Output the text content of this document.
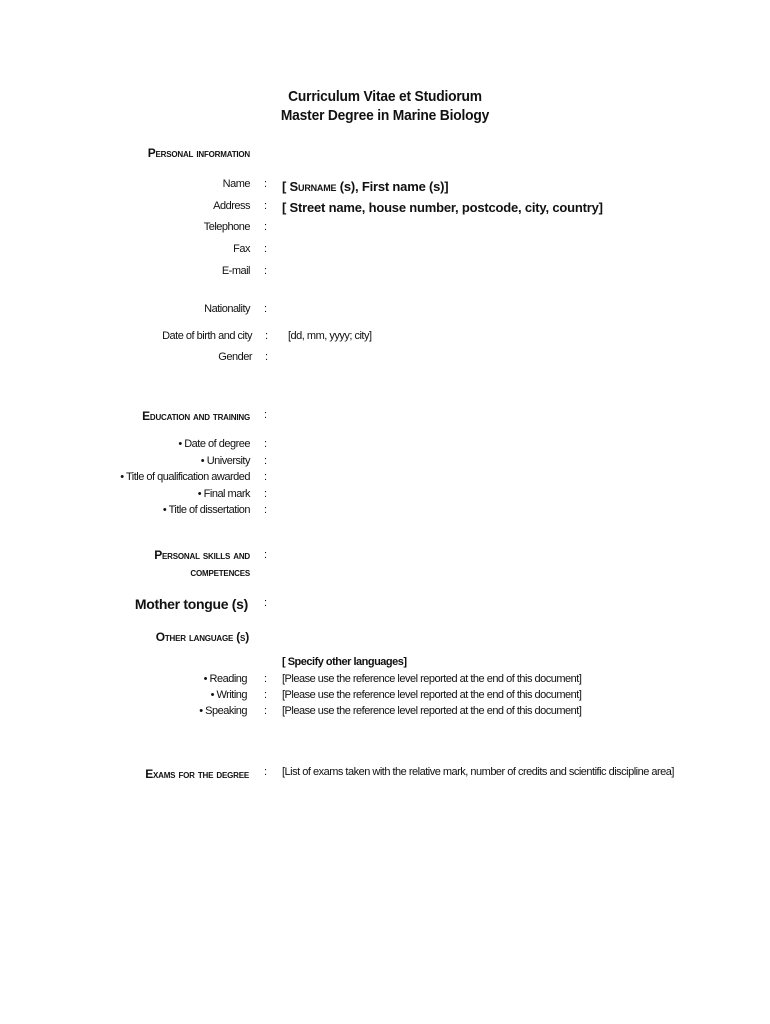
Curriculum Vitae et Studiorum
Master Degree in Marine Biology
Personal information
Name : [ Surname (s), First name (s)]
Address : [ Street name, house number, postcode, city, country]
Telephone :
Fax :
E-mail :
Nationality :
Date of birth and city : [dd, mm, yyyy; city]
Gender :
Education and training :
• Date of degree :
• University :
• Title of qualification awarded :
• Final mark :
• Title of dissertation :
Personal skills and
competences
:
Mother tongue (s) :
Other language (s)
[ Specify other languages]
• Reading : [Please use the reference level reported at the end of this document]
• Writing : [Please use the reference level reported at the end of this document]
• Speaking : [Please use the reference level reported at the end of this document]
Exams for the degree : [List of exams taken with the relative mark, number of credits and scientific discipline area]
